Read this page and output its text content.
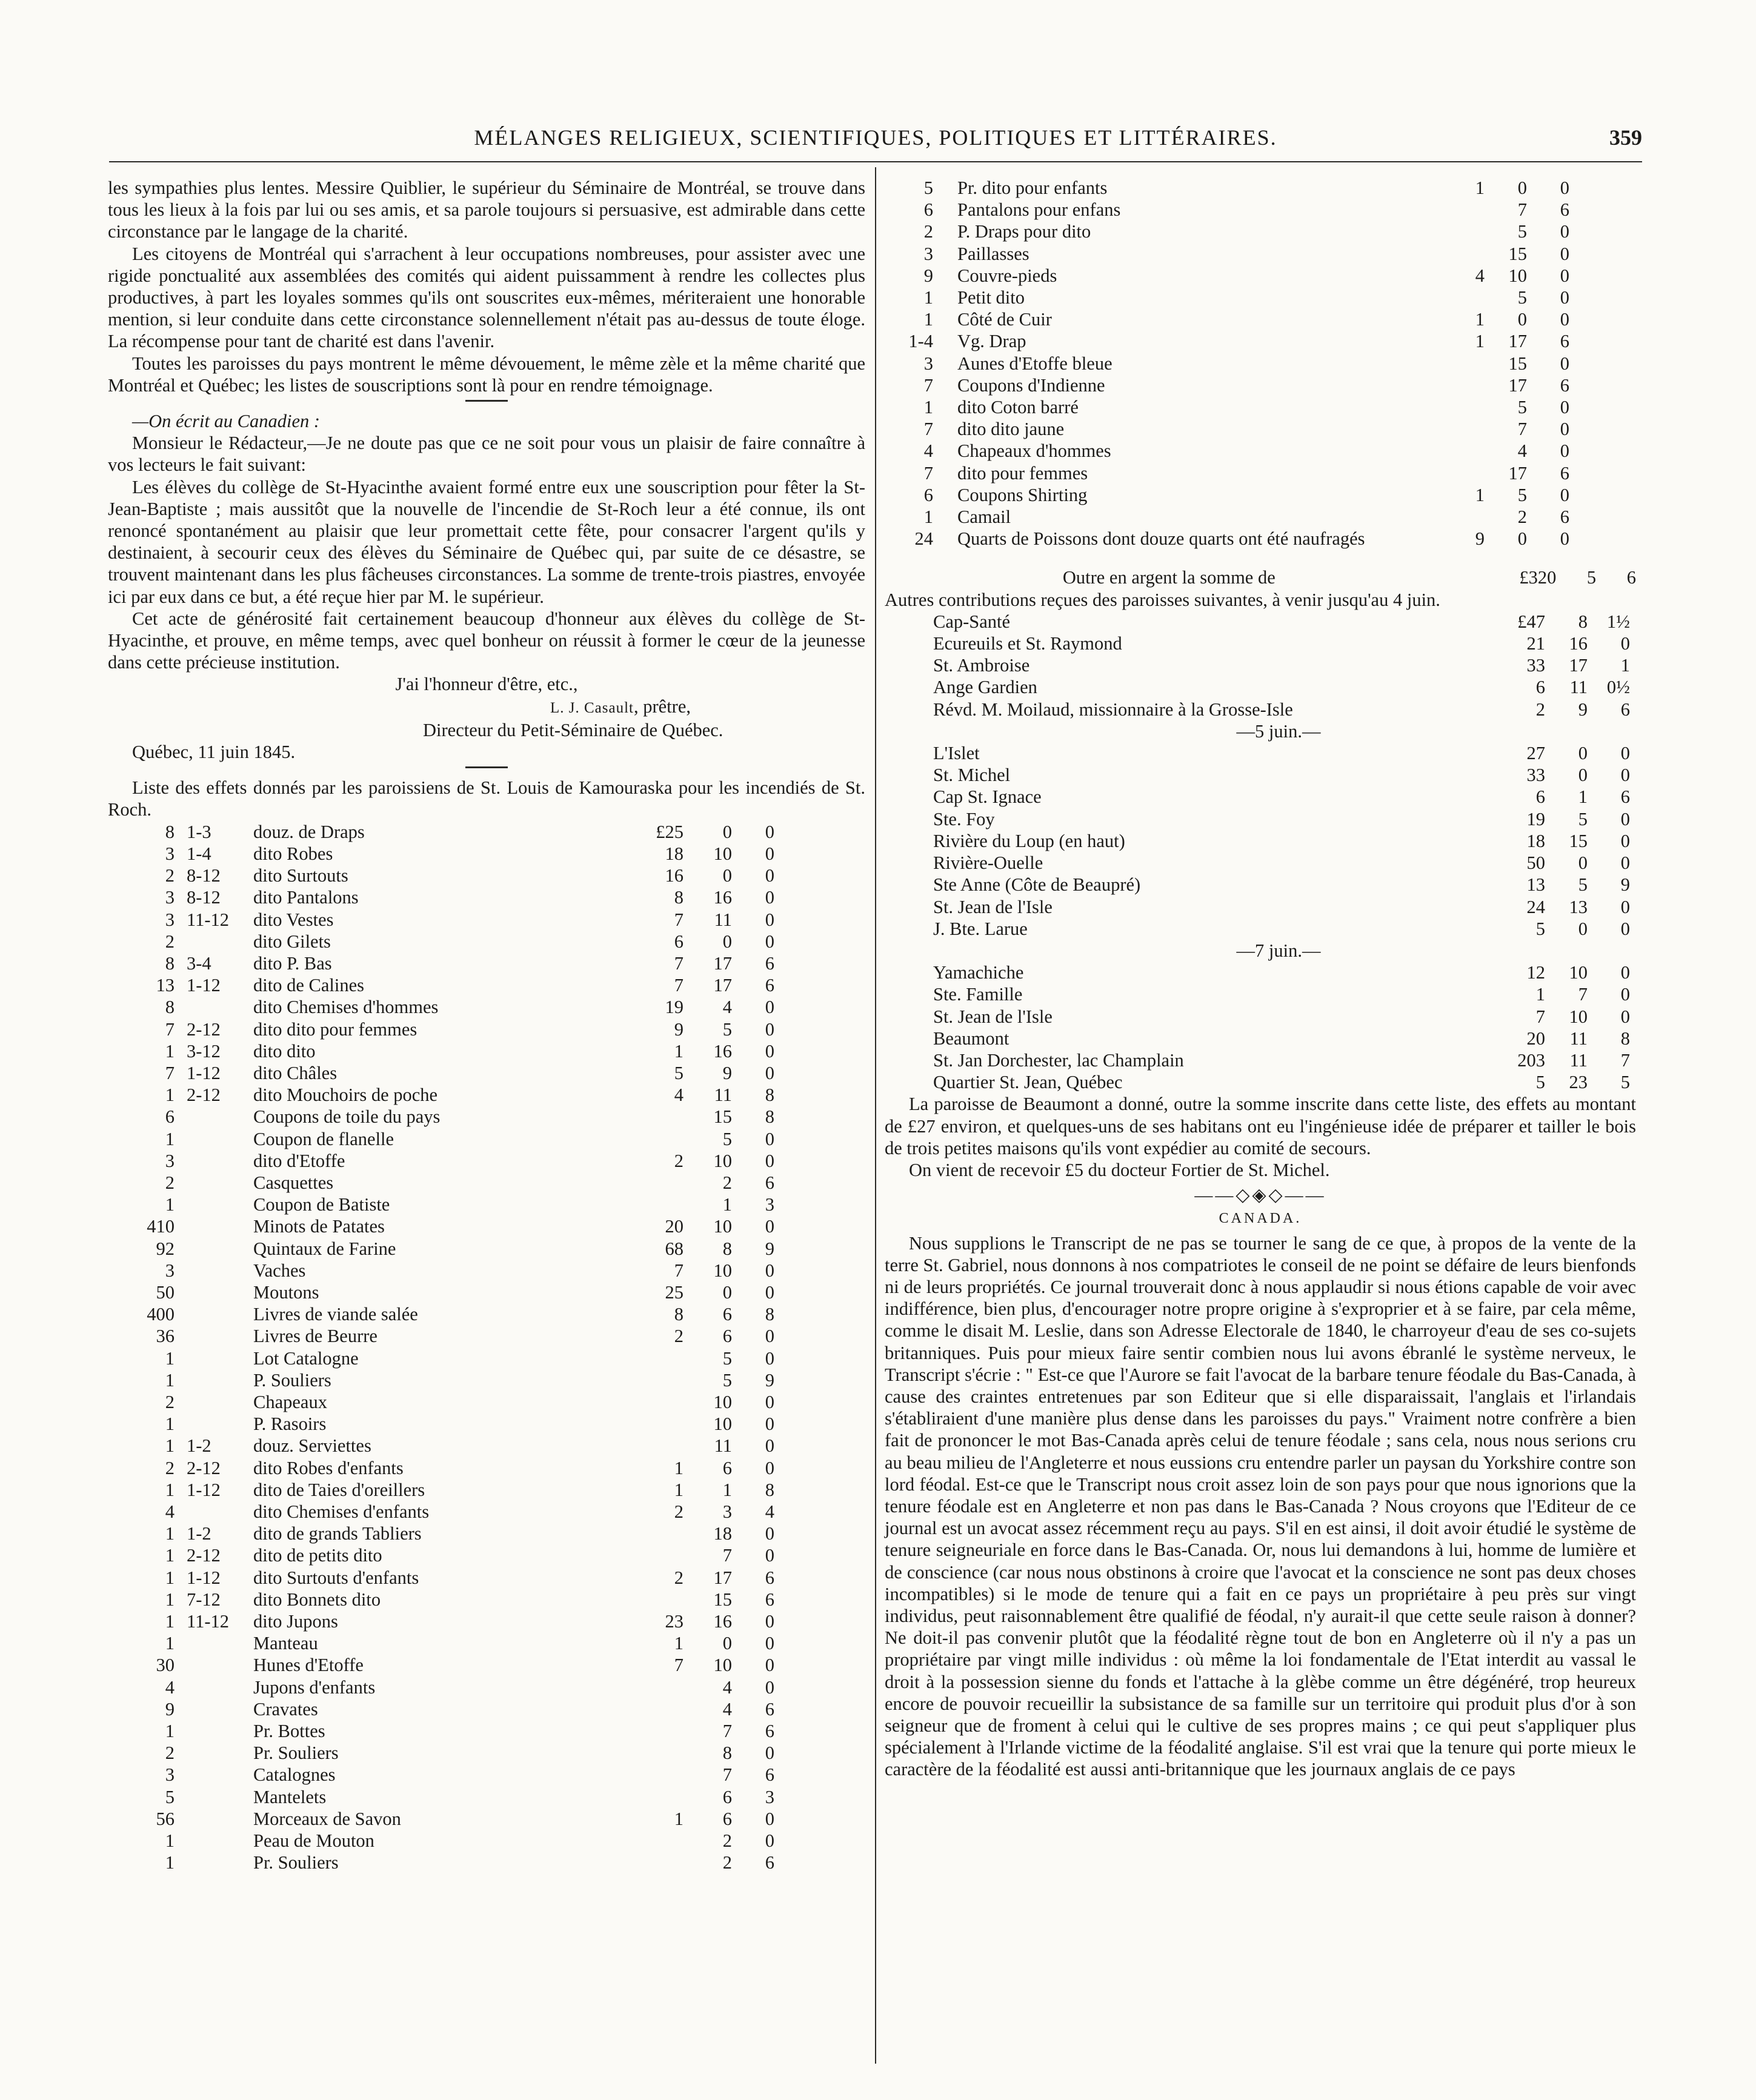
MÉLANGES RELIGIEUX, SCIENTIFIQUES, POLITIQUES ET LITTÉRAIRES.	359

les sympathies plus lentes. Messire Quiblier, le supérieur du Séminaire de Montréal, se trouve dans tous les lieux à la fois par lui ou ses amis, et sa parole toujours si persuasive, est admirable dans cette circonstance par le langage de la charité.

Les citoyens de Montréal qui s'arrachent à leur occupations nombreuses, pour assister avec une rigide ponctualité aux assemblées des comités qui aident puissamment à rendre les collectes plus productives, à part les loyales sommes qu'ils ont souscrites eux-mêmes, mériteraient une honorable mention, si leur conduite dans cette circonstance solennellement n'était pas au-dessus de toute éloge. La récompense pour tant de charité est dans l'avenir.

Toutes les paroisses du pays montrent le même dévouement, le même zèle et la même charité que Montréal et Québec; les listes de souscriptions sont là pour en rendre témoignage.

—On écrit au Canadien :

Monsieur le Rédacteur,—Je ne doute pas que ce ne soit pour vous un plaisir de faire connaître à vos lecteurs le fait suivant:

Les élèves du collège de St-Hyacinthe avaient formé entre eux une souscription pour fêter la St-Jean-Baptiste ; mais aussitôt que la nouvelle de l'incendie de St-Roch leur a été connue, ils ont renoncé spontanément au plaisir que leur promettait cette fête, pour consacrer l'argent qu'ils y destinaient, à secourir ceux des élèves du Séminaire de Québec qui, par suite de ce désastre, se trouvent maintenant dans les plus fâcheuses circonstances. La somme de trente-trois piastres, envoyée ici par eux dans ce but, a été reçue hier par M. le supérieur.

Cet acte de générosité fait certainement beaucoup d'honneur aux élèves du collège de St-Hyacinthe, et prouve, en même temps, avec quel bonheur on réussit à former le cœur de la jeunesse dans cette précieuse institution.

J'ai l'honneur d'être, etc.,

L. J. Casault, prêtre,

Directeur du Petit-Séminaire de Québec.

Québec, 11 juin 1845.

Liste des effets donnés par les paroissiens de St. Louis de Kamouraska pour les incendiés de St. Roch.

8	1-3	douz. de Draps	£25	0	0
3	1-4	dito Robes	18	10	0
2	8-12	dito Surtouts	16	0	0
3	8-12	dito Pantalons	8	16	0
3	11-12	dito Vestes	7	11	0
2		dito Gilets	6	0	0
8	3-4	dito P. Bas	7	17	6
13	1-12	dito de Calines	7	17	6
8		dito Chemises d'hommes	19	4	0
7	2-12	dito dito pour femmes	9	5	0
1	3-12	dito dito	1	16	0
7	1-12	dito Châles	5	9	0
1	2-12	dito Mouchoirs de poche	4	11	8
6		Coupons de toile du pays		15	8
1		Coupon de flanelle		5	0
3		dito d'Etoffe	2	10	0
2		Casquettes		2	6
1		Coupon de Batiste		1	3
410		Minots de Patates	20	10	0
92		Quintaux de Farine	68	8	9
3		Vaches	7	10	0
50		Moutons	25	0	0
400		Livres de viande salée	8	6	8
36		Livres de Beurre	2	6	0
1		Lot Catalogne		5	0
1		P. Souliers		5	9
2		Chapeaux		10	0
1		P. Rasoirs		10	0
1	1-2	douz. Serviettes		11	0
2	2-12	dito Robes d'enfants	1	6	0
1	1-12	dito de Taies d'oreillers	1	1	8
4		dito Chemises d'enfants	2	3	4
1	1-2	dito de grands Tabliers		18	0
1	2-12	dito de petits dito		7	0
1	1-12	dito Surtouts d'enfants	2	17	6
1	7-12	dito Bonnets dito		15	6
1	11-12	dito Jupons	23	16	0
1		Manteau	1	0	0
30		Hunes d'Etoffe	7	10	0
4		Jupons d'enfants		4	0
9		Cravates		4	6
1		Pr. Bottes		7	6
2		Pr. Souliers		8	0
3		Catalognes		7	6
5		Mantelets		6	3
56		Morceaux de Savon	1	6	0
1		Peau de Mouton		2	0
1		Pr. Souliers		2	6
5	Pr. dito pour enfants	1	0	0
6	Pantalons pour enfans		7	6
2	P. Draps pour dito		5	0
3	Paillasses		15	0
9	Couvre-pieds	4	10	0
1	Petit dito		5	0
1	Côté de Cuir	1	0	0
1-4	Vg. Drap	1	17	6
3	Aunes d'Etoffe bleue		15	0
7	Coupons d'Indienne		17	6
1	dito Coton barré		5	0
7	dito dito jaune		7	0
4	Chapeaux d'hommes		4	0
7	dito pour femmes		17	6
6	Coupons Shirting	1	5	0
1	Camail		2	6
24	Quarts de Poissons dont douze quarts ont été naufragés	9	0	0
	Outre en argent la somme de	£320	5	6

Autres contributions reçues des paroisses suivantes, à venir jusqu'au 4 juin.

Cap-Santé	£47	8	1½
Ecureuils et St. Raymond	21	16	0
St. Ambroise	33	17	1
Ange Gardien	6	11	0½
Révd. M. Moilaud, missionnaire à la Grosse-Isle	2	9	6

—5 juin.—

L'Islet	27	0	0
St. Michel	33	0	0
Cap St. Ignace	6	1	6
Ste. Foy	19	5	0
Rivière du Loup (en haut)	18	15	0
Rivière-Ouelle	50	0	0
Ste Anne (Côte de Beaupré)	13	5	9
St. Jean de l'Isle	24	13	0
J. Bte. Larue	5	0	0

—7 juin.—

Yamachiche	12	10	0
Ste. Famille	1	7	0
St. Jean de l'Isle	7	10	0
Beaumont	20	11	8
St. Jan Dorchester, lac Champlain	203	11	7
Quartier St. Jean, Québec	5	23	5

La paroisse de Beaumont a donné, outre la somme inscrite dans cette liste, des effets au montant de £27 environ, et quelques-uns de ses habitans ont eu l'ingénieuse idée de préparer et tailler le bois de trois petites maisons qu'ils vont expédier au comité de secours.

On vient de recevoir £5 du docteur Fortier de St. Michel.

——◇◈◇——
CANADA.

Nous supplions le Transcript de ne pas se tourner le sang de ce que, à propos de la vente de la terre St. Gabriel, nous donnons à nos compatriotes le conseil de ne point se défaire de leurs bienfonds ni de leurs propriétés. Ce journal trouverait donc à nous applaudir si nous étions capable de voir avec indifférence, bien plus, d'encourager notre propre origine à s'exproprier et à se faire, par cela même, comme le disait M. Leslie, dans son Adresse Electorale de 1840, le charroyeur d'eau de ses co-sujets britanniques. Puis pour mieux faire sentir combien nous lui avons ébranlé le système nerveux, le Transcript s'écrie : " Est-ce que l'Aurore se fait l'avocat de la barbare tenure féodale du Bas-Canada, à cause des craintes entretenues par son Editeur que si elle disparaissait, l'anglais et l'irlandais s'établiraient d'une manière plus dense dans les paroisses du pays." Vraiment notre confrère a bien fait de prononcer le mot Bas-Canada après celui de tenure féodale ; sans cela, nous nous serions cru au beau milieu de l'Angleterre et nous eussions cru entendre parler un paysan du Yorkshire contre son lord féodal. Est-ce que le Transcript nous croit assez loin de son pays pour que nous ignorions que la tenure féodale est en Angleterre et non pas dans le Bas-Canada ? Nous croyons que l'Editeur de ce journal est un avocat assez récemment reçu au pays. S'il en est ainsi, il doit avoir étudié le système de tenure seigneuriale en force dans le Bas-Canada. Or, nous lui demandons à lui, homme de lumière et de conscience (car nous nous obstinons à croire que l'avocat et la conscience ne sont pas deux choses incompatibles) si le mode de tenure qui a fait en ce pays un propriétaire à peu près sur vingt individus, peut raisonnablement être qualifié de féodal, n'y aurait-il que cette seule raison à donner? Ne doit-il pas convenir plutôt que la féodalité règne tout de bon en Angleterre où il n'y a pas un propriétaire par vingt mille individus : où même la loi fondamentale de l'Etat interdit au vassal le droit à la possession sienne du fonds et l'attache à la glèbe comme un être dégénéré, trop heureux encore de pouvoir recueillir la subsistance de sa famille sur un territoire qui produit plus d'or à son seigneur que de froment à celui qui le cultive de ses propres mains ; ce qui peut s'appliquer plus spécialement à l'Irlande victime de la féodalité anglaise. S'il est vrai que la tenure qui porte mieux le caractère de la féodalité est aussi anti-britannique que les journaux anglais de ce pays
